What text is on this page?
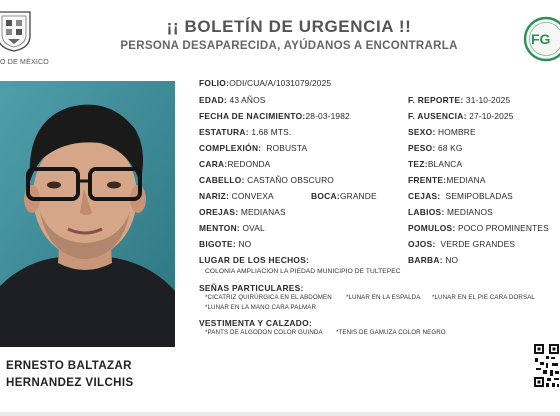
O DE MÉXICO
¡¡ BOLETÍN DE URGENCIA !!
PERSONA DESAPARECIDA, AYÚDANOS A ENCONTRARLA	FG
ERNESTO BALTAZAR
HERNANDEZ VILCHIS
FOLIO:ODI/CUA/A/1031079/2025
EDAD: 43 AÑOS
FECHA DE NACIMIENTO:28-03-1982
ESTATURA: 1.68 MTS.
COMPLEXIÓN: ROBUSTA
CARA:REDONDA
CABELLO: CASTAÑO OBSCURO
NARIZ: CONVEXA	BOCA:GRANDE
OREJAS: MEDIANAS
MENTON: OVAL
BIGOTE: NO
LUGAR DE LOS HECHOS:
COLONIA AMPLIACION LA PIEDAD MUNICIPIO DE TULTEPEC
F. REPORTE: 31-10-2025
F. AUSENCIA: 27-10-2025
SEXO: HOMBRE
PESO: 68 KG
TEZ:BLANCA
FRENTE:MEDIANA
CEJAS: SEMIPOBLADAS
LABIOS: MEDIANOS
POMULOS: POCO PROMINENTES
OJOS: VERDE GRANDES
BARBA: NO
SEÑAS PARTICULARES:
*CICATRIZ QUIRÚRGICA EN EL ABDOMEN *LUNAR EN LA ESPALDA *LUNAR EN EL PIE CARA DORSAL
*LUNAR EN LA MANO CARA PALMAR
VESTIMENTA Y CALZADO:
*PANTS DE ALGODON COLOR GUINDA *TENIS DE GAMUZA COLOR NEGRO
